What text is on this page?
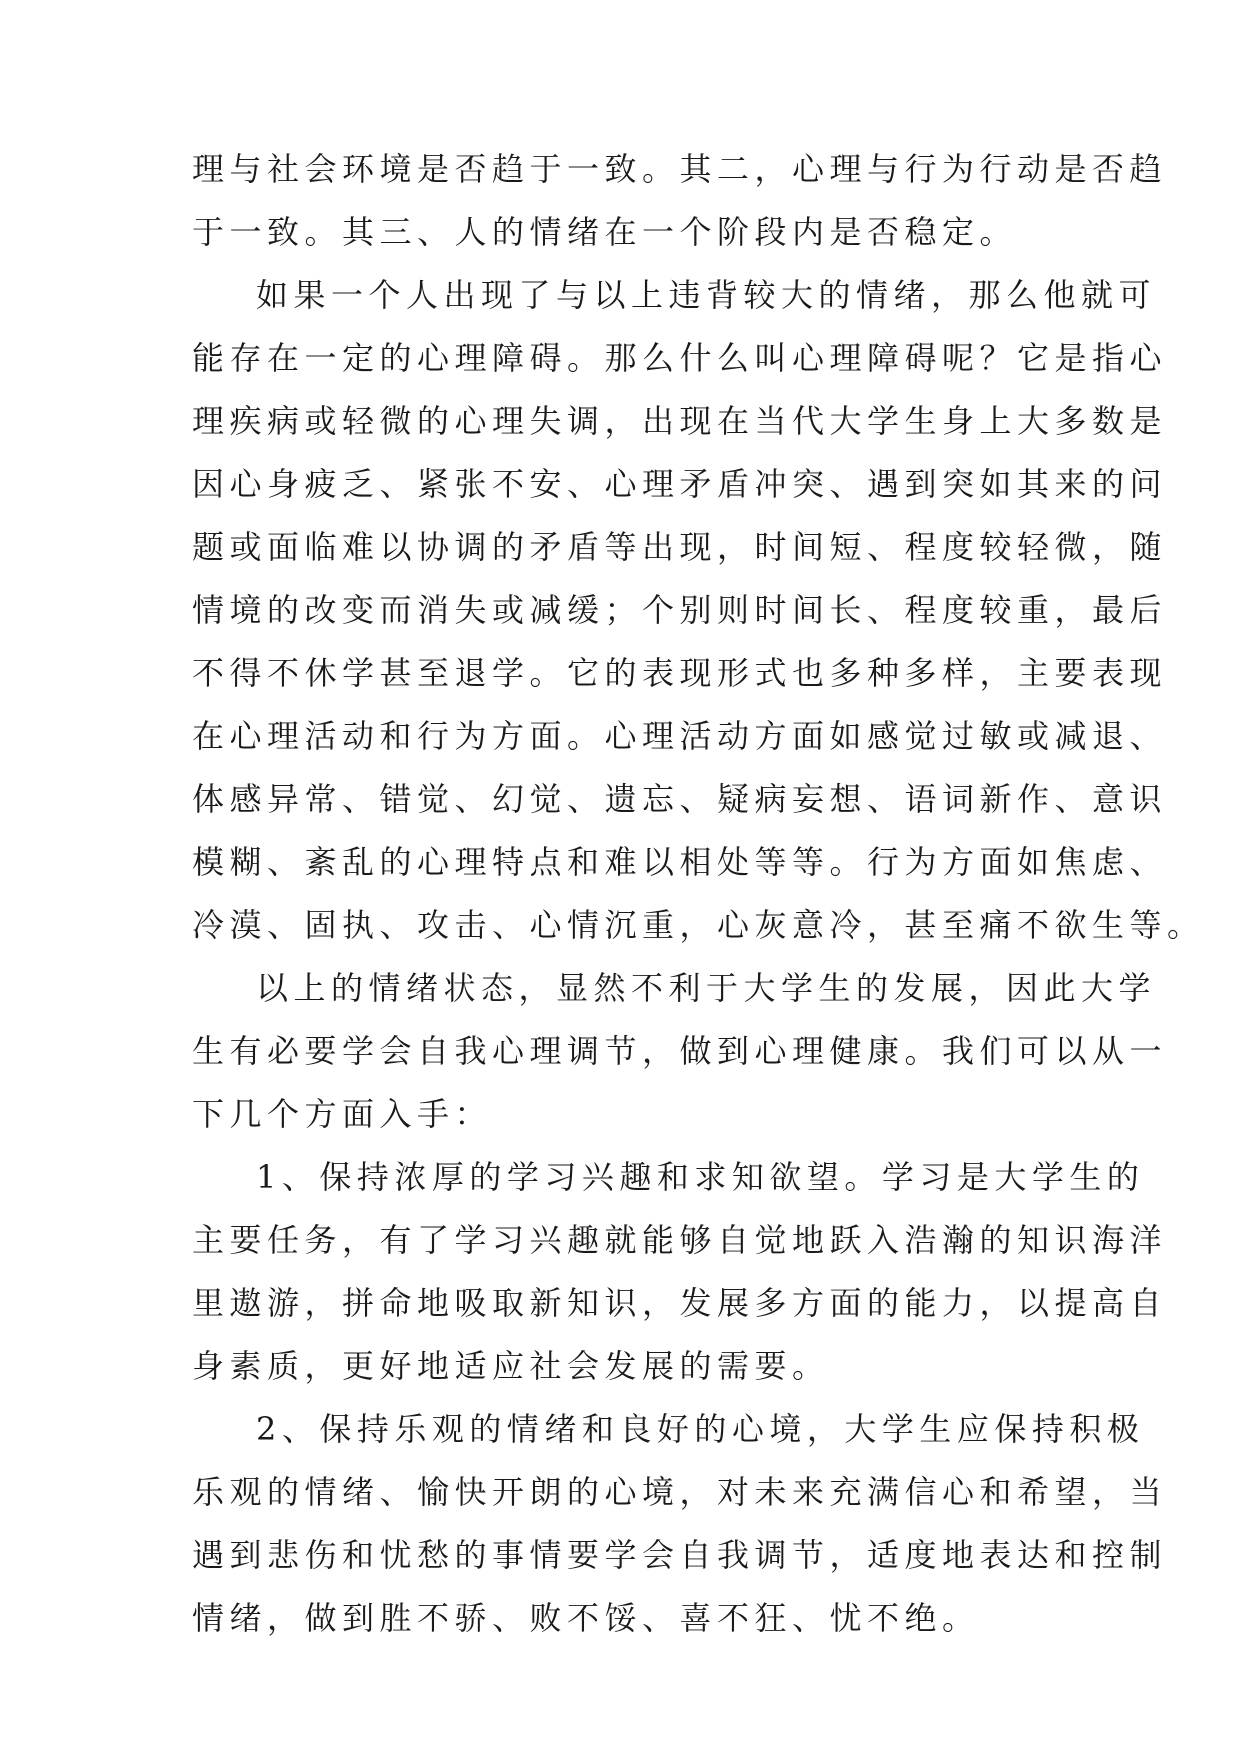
理与社会环境是否趋于一致。其二，心理与行为行动是否趋
于一致。其三、人的情绪在一个阶段内是否稳定。
如果一个人出现了与以上违背较大的情绪，那么他就可
能存在一定的心理障碍。那么什么叫心理障碍呢？它是指心
理疾病或轻微的心理失调，出现在当代大学生身上大多数是
因心身疲乏、紧张不安、心理矛盾冲突、遇到突如其来的问
题或面临难以协调的矛盾等出现，时间短、程度较轻微，随
情境的改变而消失或减缓；个别则时间长、程度较重，最后
不得不休学甚至退学。它的表现形式也多种多样，主要表现
在心理活动和行为方面。心理活动方面如感觉过敏或减退、
体感异常、错觉、幻觉、遗忘、疑病妄想、语词新作、意识
模糊、紊乱的心理特点和难以相处等等。行为方面如焦虑、
冷漠、固执、攻击、心情沉重，心灰意冷，甚至痛不欲生等。
以上的情绪状态，显然不利于大学生的发展，因此大学
生有必要学会自我心理调节，做到心理健康。我们可以从一
下几个方面入手：
1、保持浓厚的学习兴趣和求知欲望。学习是大学生的
主要任务，有了学习兴趣就能够自觉地跃入浩瀚的知识海洋
里遨游，拼命地吸取新知识，发展多方面的能力，以提高自
身素质，更好地适应社会发展的需要。
2、保持乐观的情绪和良好的心境，大学生应保持积极
乐观的情绪、愉快开朗的心境，对未来充满信心和希望，当
遇到悲伤和忧愁的事情要学会自我调节，适度地表达和控制
情绪，做到胜不骄、败不馁、喜不狂、忧不绝。
